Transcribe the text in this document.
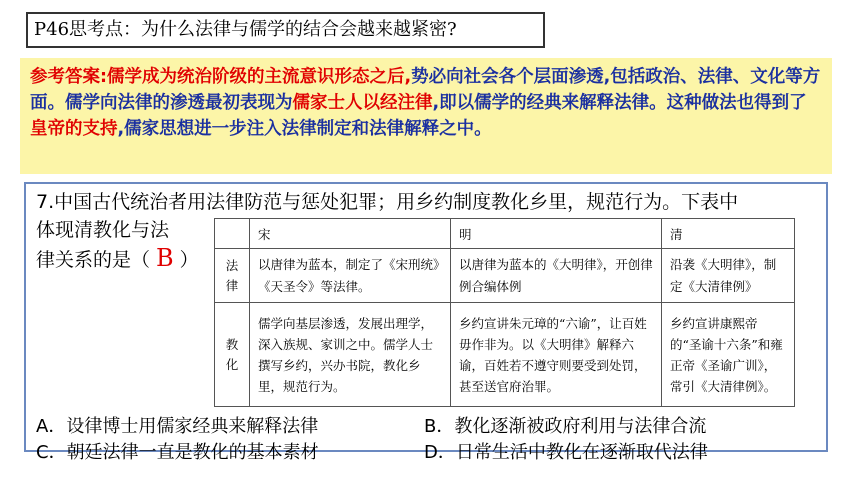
P46思考点：为什么法律与儒学的结合会越来越紧密?
参考答案:儒学成为统治阶级的主流意识形态之后,势必向社会各个层面渗透,包括政治、法律、文化等方面。儒学向法律的渗透最初表现为儒家士人以经注律,即以儒学的经典来解释法律。这种做法也得到了皇帝的支持,儒家思想进一步注入法律制定和法律解释之中。
7.中国古代统治者用法律防范与惩处犯罪；用乡约制度教化乡里，规范行为。下表中
体现清教化与法
律关系的是（ B ）
	宋	明	清
法
律	以唐律为蓝本，制定了《宋刑统》《天圣令》等法律。	以唐律为蓝本的《大明律》，开创律例合编体例	沿袭《大明律》，制定《大清律例》
教
化	儒学向基层渗透，发展出理学，深入族规、家训之中。儒学人士撰写乡约，兴办书院，教化乡里，规范行为。	乡约宣讲朱元璋的“六谕”，让百姓毋作非为。以《大明律》解释六谕，百姓若不遵守则要受到处罚，甚至送官府治罪。	乡约宣讲康熙帝的“圣谕十六条”和雍正帝《圣谕广训》，常引《大清律例》。
A．设律博士用儒家经典来解释法律	B．教化逐渐被政府利用与法律合流
C．朝廷法律一直是教化的基本素材	D．日常生活中教化在逐渐取代法律
